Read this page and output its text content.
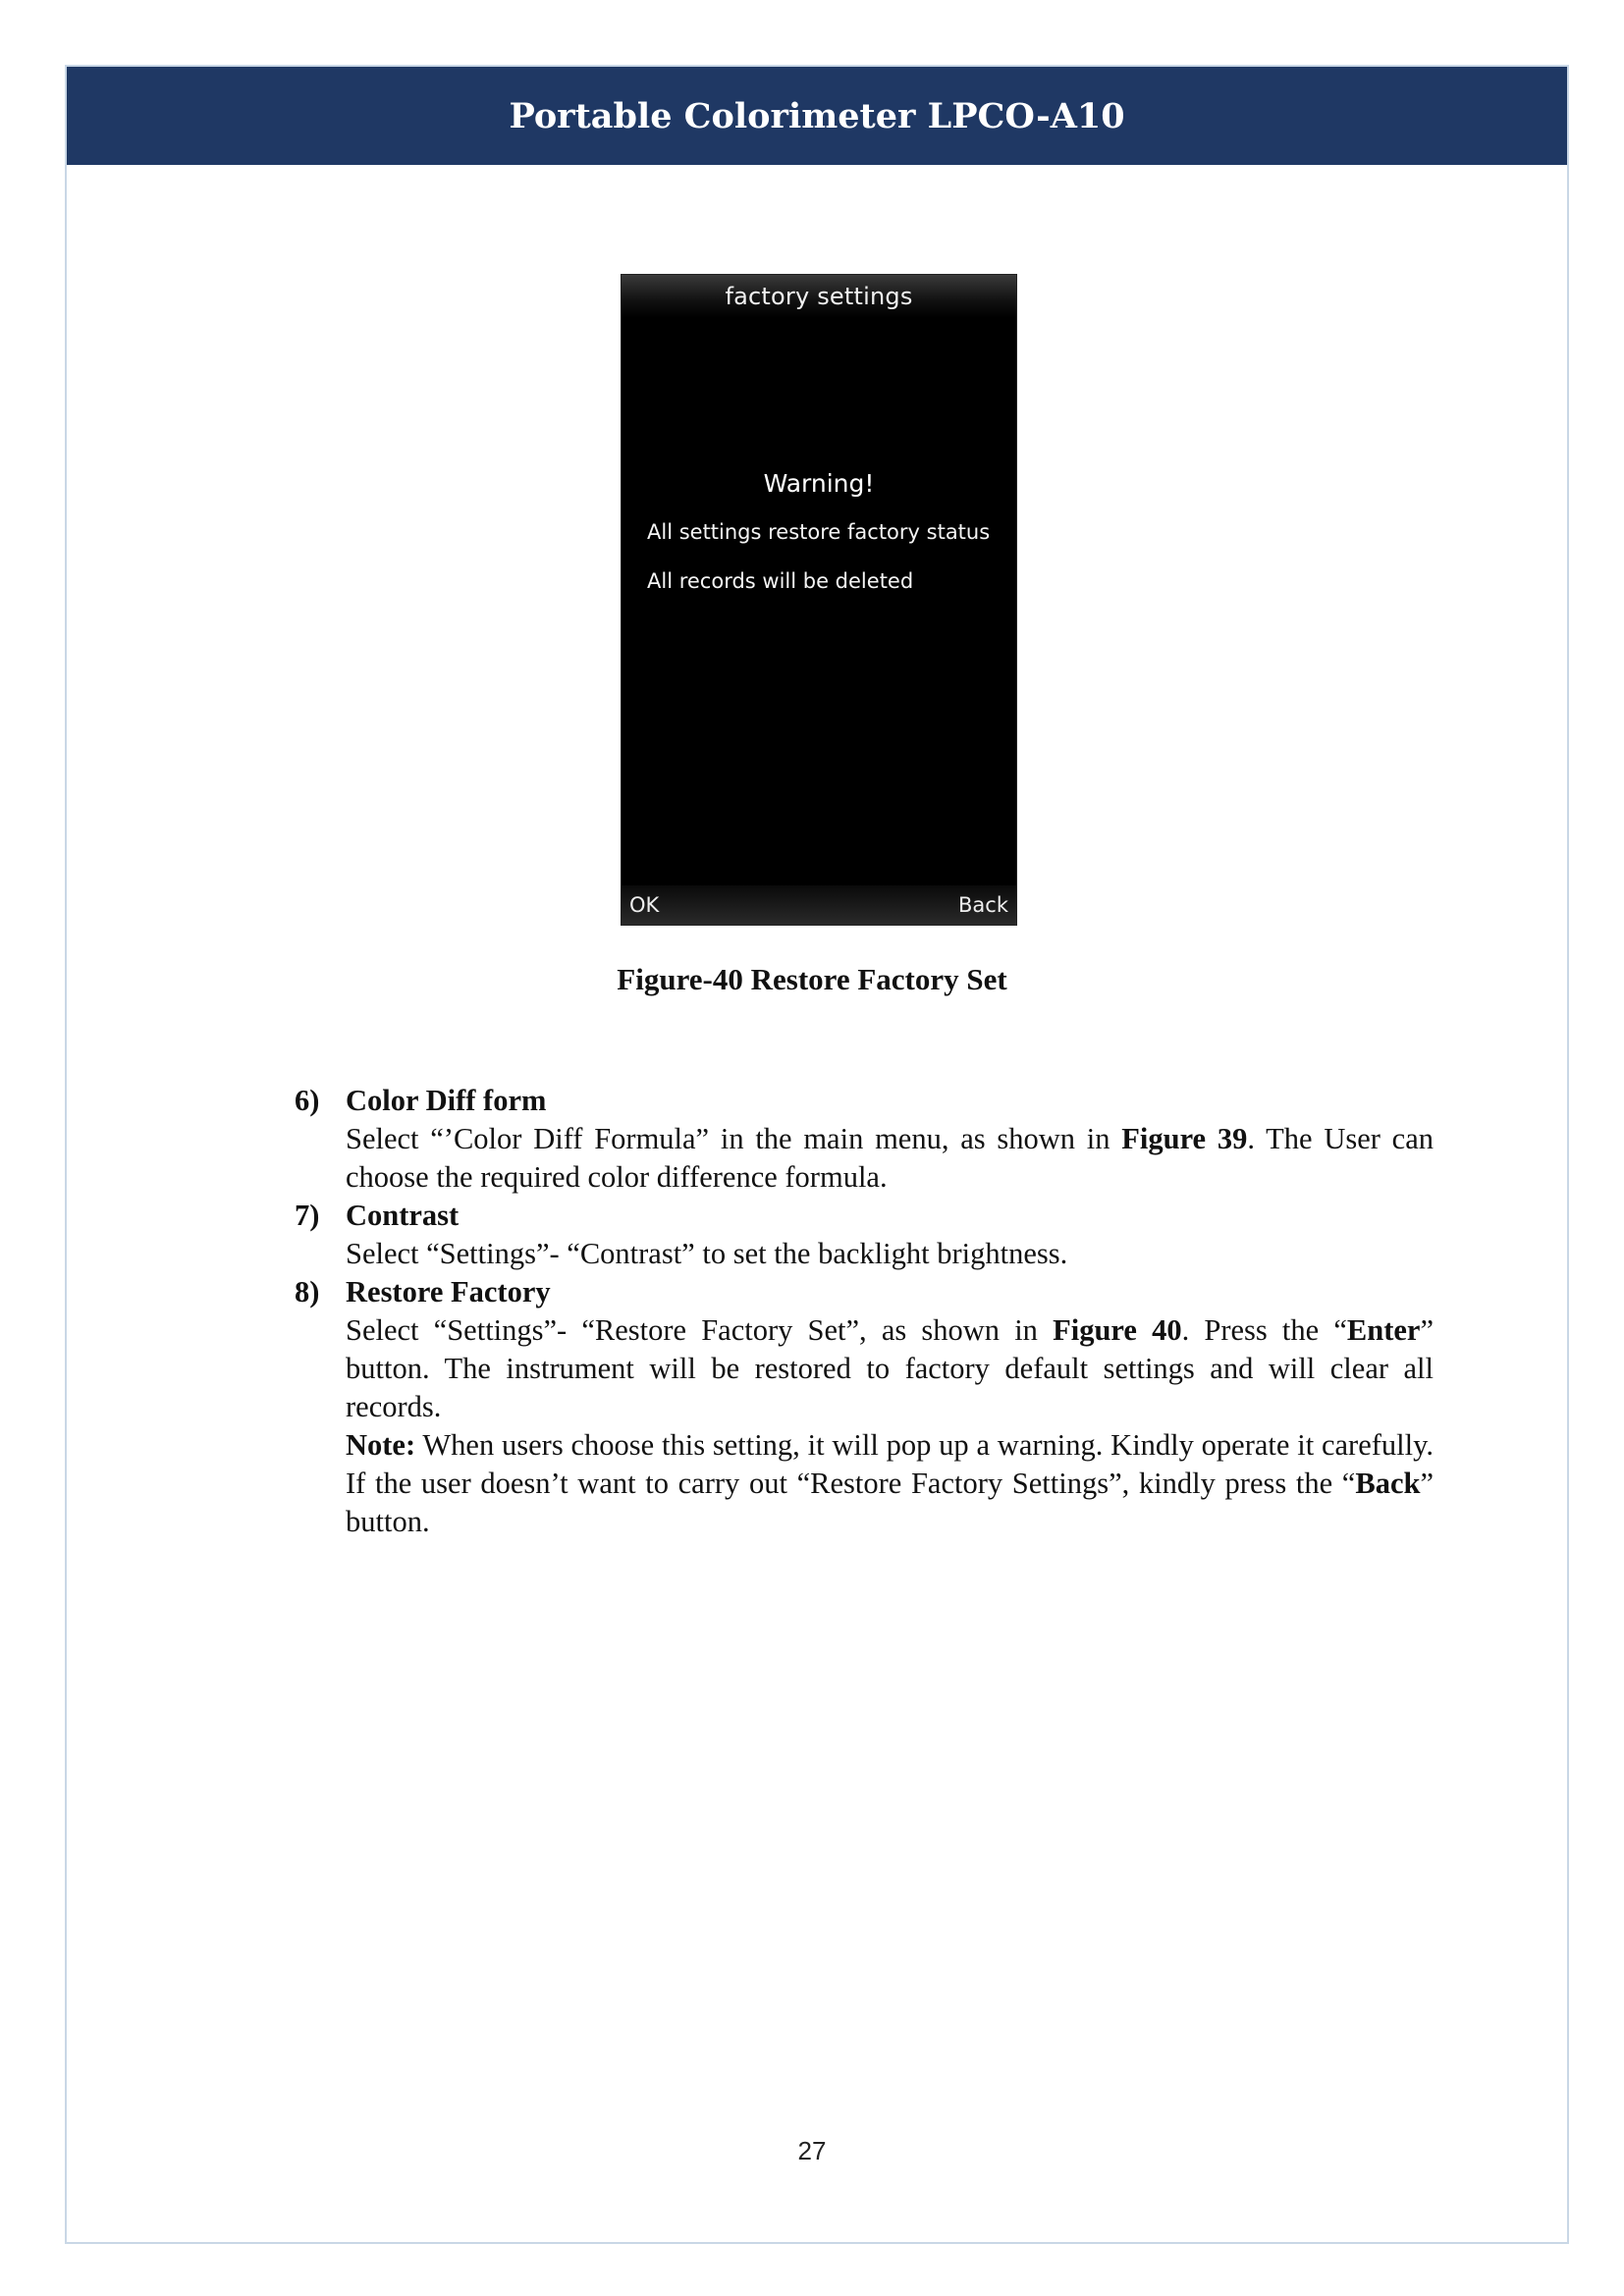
Portable Colorimeter LPCO-A10
factory settings
Warning!
All settings restore factory status
All records will be deleted
OK	Back
Figure-40 Restore Factory Set
6) Color Diff form
Select “’Color Diff Formula” in the main menu, as shown in Figure 39. The User can choose the required color difference formula.
7) Contrast
Select “Settings”- “Contrast” to set the backlight brightness.
8) Restore Factory
Select “Settings”- “Restore Factory Set”, as shown in Figure 40. Press the “Enter” button. The instrument will be restored to factory default settings and will clear all records.
Note: When users choose this setting, it will pop up a warning. Kindly operate it carefully. If the user doesn’t want to carry out “Restore Factory Settings”, kindly press the “Back” button.
27
